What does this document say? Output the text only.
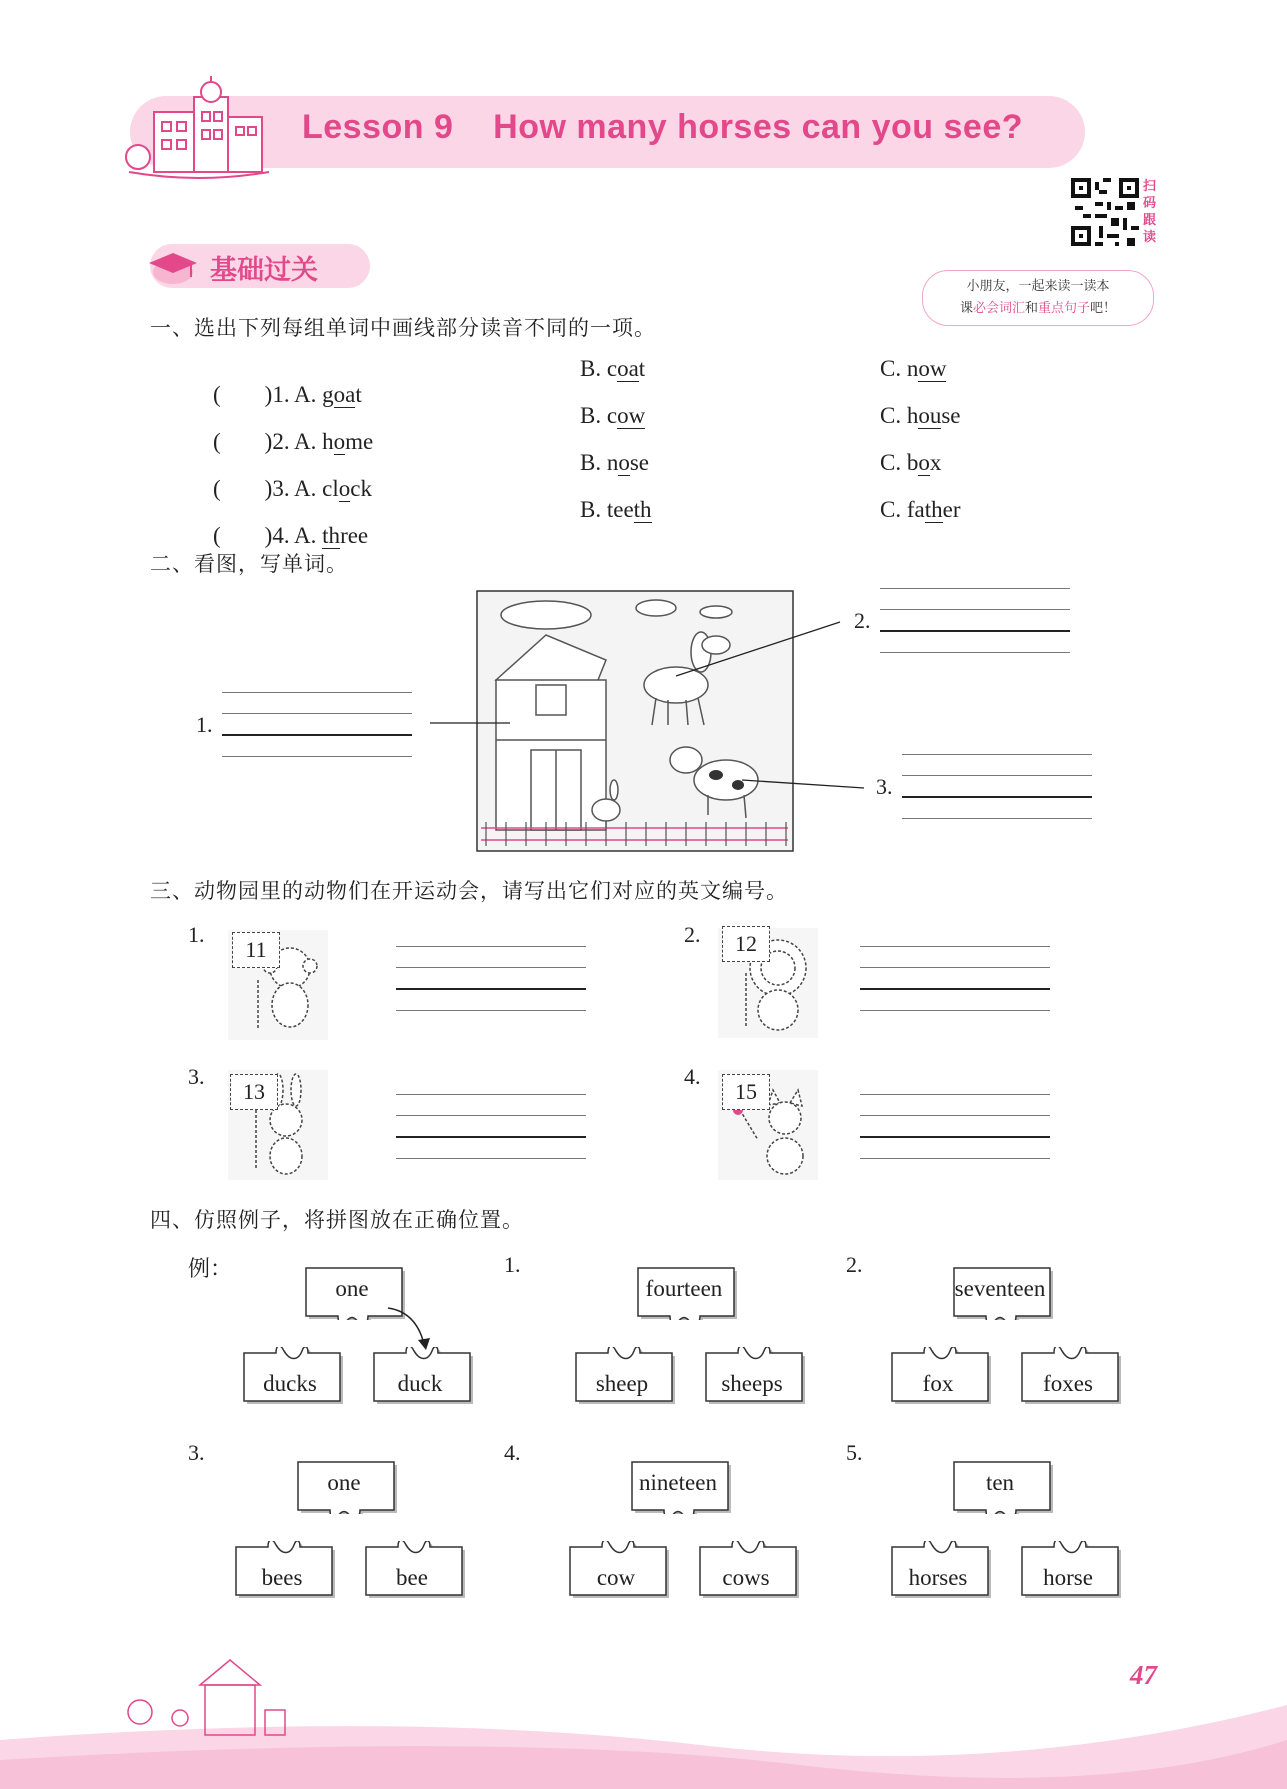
Lesson 9    How many horses can you see?
扫
码
跟
读
小朋友，一起来读一读本
课必会词汇和重点句子吧！
基础过关
一、选出下列每组单词中画线部分读音不同的一项。

( )1. A. goat

B. coat	C. now

( )2. A. home

B. cow	C. house

( )3. A. clock

B. nose	C. box

( )4. A. three

B. teeth	C. father
二、看图，写单词。
1.
2.
3.
三、动物园里的动物们在开运动会，请写出它们对应的英文编号。
1.
11
2.	12
3.
13
4.
15
四、仿照例子，将拼图放在正确位置。
one
ducks	duck
fourteen
sheep	sheeps
seventeen
fox	foxes
one
bees	bee
nineteen
cow	cows
ten
horses	horse
例：	1.	2.
3.	4.	5.
47
